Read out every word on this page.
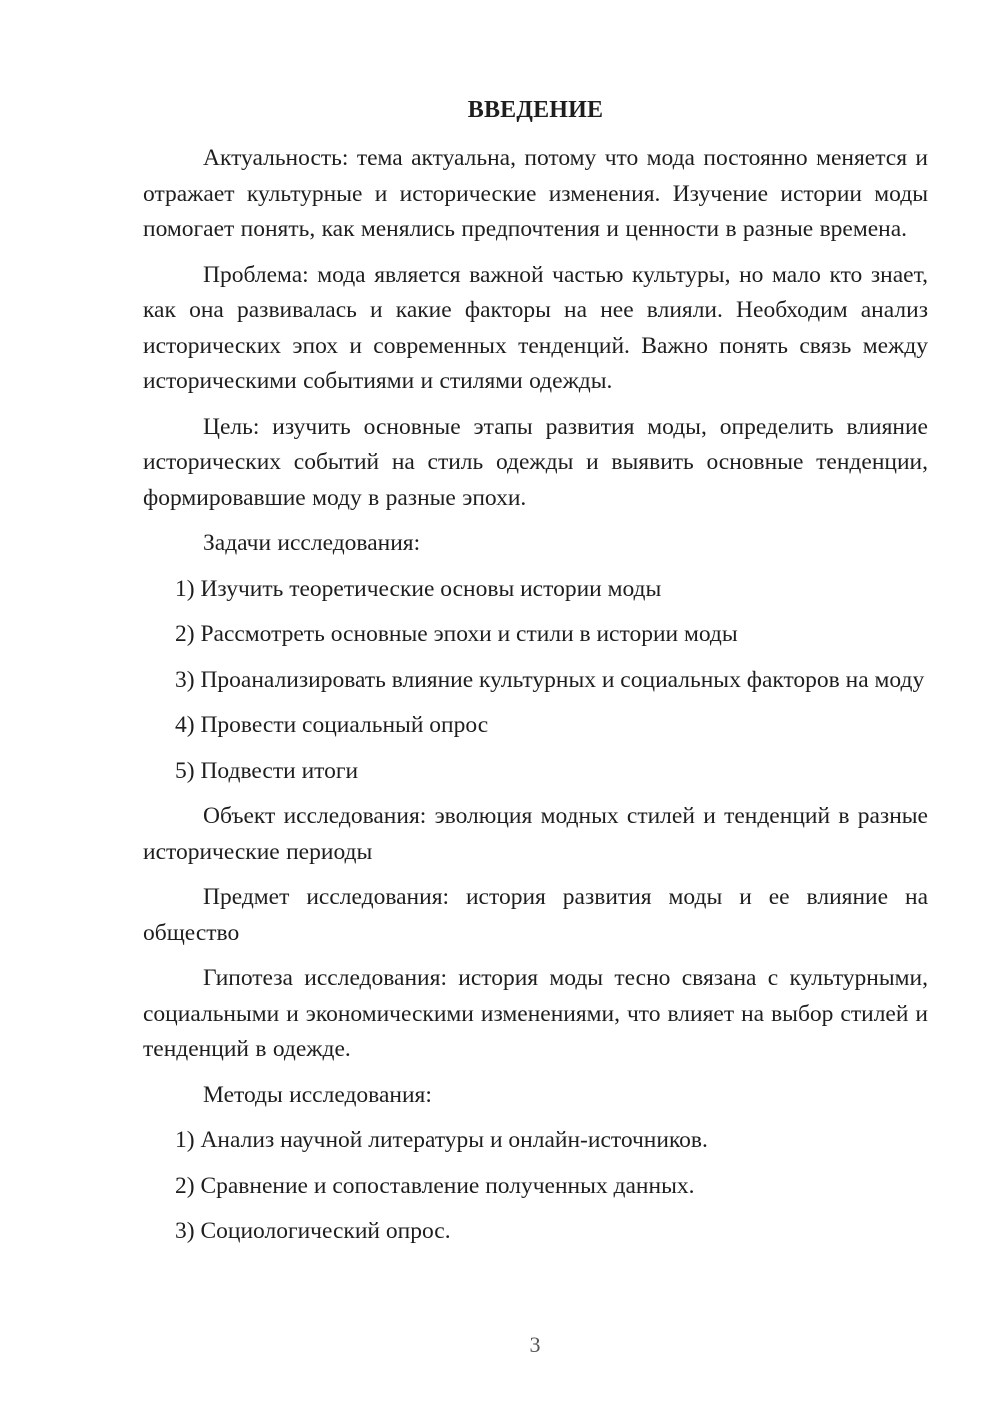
ВВЕДЕНИЕ

Актуальность: тема актуальна, потому что мода постоянно меняется и отражает культурные и исторические изменения. Изучение истории моды помогает понять, как менялись предпочтения и ценности в разные времена.

Проблема: мода является важной частью культуры, но мало кто знает, как она развивалась и какие факторы на нее влияли. Необходим анализ исторических эпох и современных тенденций. Важно понять связь между историческими событиями и стилями одежды.

Цель: изучить основные этапы развития моды, определить влияние исторических событий на стиль одежды и выявить основные тенденции, формировавшие моду в разные эпохи.

Задачи исследования:

1) Изучить теоретические основы истории моды

2) Рассмотреть основные эпохи и стили в истории моды

3) Проанализировать влияние культурных и социальных факторов на моду

4) Провести социальный опрос

5) Подвести итоги

Объект исследования: эволюция модных стилей и тенденций в разные исторические периоды

Предмет исследования: история развития моды и ее влияние на общество

Гипотеза исследования: история моды тесно связана с культурными, социальными и экономическими изменениями, что влияет на выбор стилей и тенденций в одежде.

Методы исследования:

1) Анализ научной литературы и онлайн-источников.

2) Сравнение и сопоставление полученных данных.

3) Социологический опрос.

3
